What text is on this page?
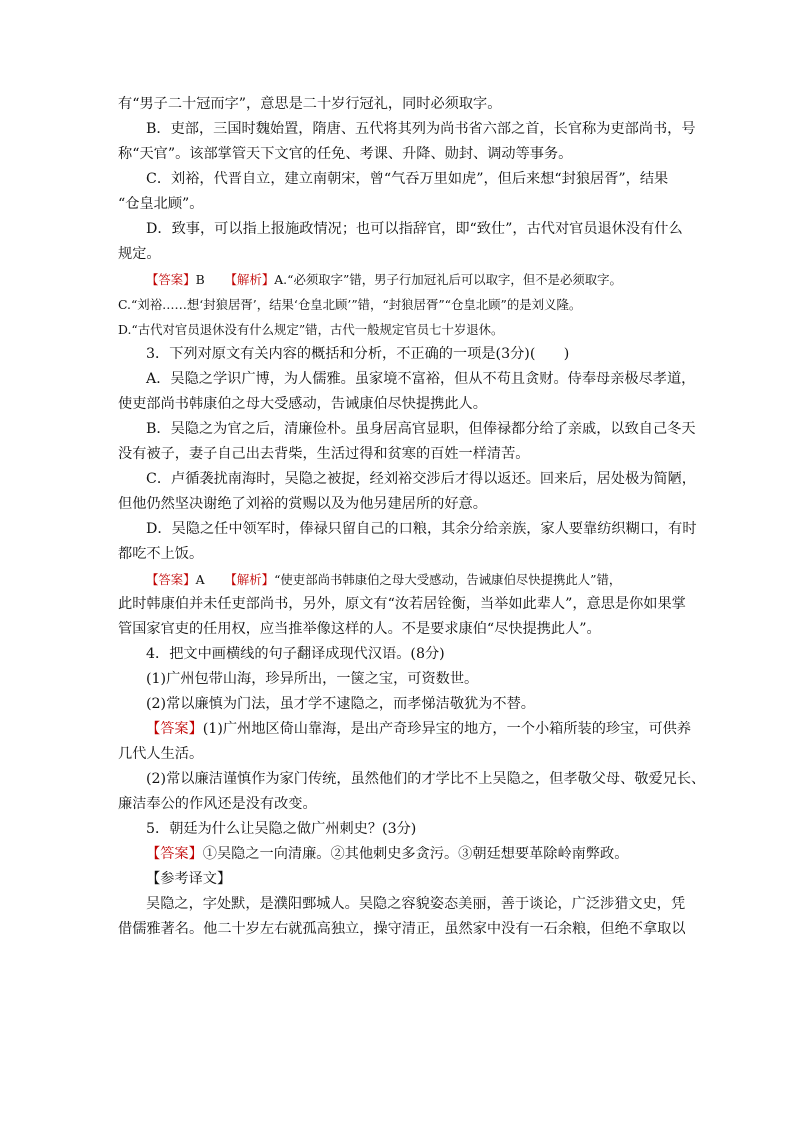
有“男子二十冠而字”，意思是二十岁行冠礼，同时必须取字。
B．吏部，三国时魏始置，隋唐、五代将其列为尚书省六部之首，长官称为吏部尚书，号
称“天官”。该部掌管天下文官的任免、考课、升降、勋封、调动等事务。
C．刘裕，代晋自立，建立南朝宋，曾“气吞万里如虎”，但后来想“封狼居胥”，结果
“仓皇北顾”。
D．致事，可以指上报施政情况；也可以指辞官，即“致仕”，古代对官员退休没有什么
规定。
【答案】B 【解析】A.“必须取字”错，男子行加冠礼后可以取字，但不是必须取字。
C.“刘裕……想‘封狼居胥’，结果‘仓皇北顾’”错，“封狼居胥”“仓皇北顾”的是刘义隆。
D.“古代对官员退休没有什么规定”错，古代一般规定官员七十岁退休。
3．下列对原文有关内容的概括和分析，不正确的一项是(3分)(　　)
A．吴隐之学识广博，为人儒雅。虽家境不富裕，但从不苟且贪财。侍奉母亲极尽孝道，
使吏部尚书韩康伯之母大受感动，告诫康伯尽快提携此人。
B．吴隐之为官之后，清廉俭朴。虽身居高官显职，但俸禄都分给了亲戚，以致自己冬天
没有被子，妻子自己出去背柴，生活过得和贫寒的百姓一样清苦。
C．卢循袭扰南海时，吴隐之被捉，经刘裕交涉后才得以返还。回来后，居处极为简陋，
但他仍然坚决谢绝了刘裕的赏赐以及为他另建居所的好意。
D．吴隐之任中领军时，俸禄只留自己的口粮，其余分给亲族，家人要靠纺织糊口，有时
都吃不上饭。
【答案】A 【解析】“使吏部尚书韩康伯之母大受感动，告诫康伯尽快提携此人”错，
此时韩康伯并未任吏部尚书，另外，原文有“汝若居铨衡，当举如此辈人”，意思是你如果掌
管国家官吏的任用权，应当推举像这样的人。不是要求康伯“尽快提携此人”。
4．把文中画横线的句子翻译成现代汉语。(8分)
(1)广州包带山海，珍异所出，一箧之宝，可资数世。
(2)常以廉慎为门法，虽才学不逮隐之，而孝悌洁敬犹为不替。
【答案】(1)广州地区倚山靠海，是出产奇珍异宝的地方，一个小箱所装的珍宝，可供养
几代人生活。
(2)常以廉洁谨慎作为家门传统，虽然他们的才学比不上吴隐之，但孝敬父母、敬爱兄长、
廉洁奉公的作风还是没有改变。
5．朝廷为什么让吴隐之做广州刺史？(3分)
【答案】①吴隐之一向清廉。②其他刺史多贪污。③朝廷想要革除岭南弊政。
【参考译文】
吴隐之，字处默，是濮阳鄄城人。吴隐之容貌姿态美丽，善于谈论，广泛涉猎文史，凭
借儒雅著名。他二十岁左右就孤高独立，操守清正，虽然家中没有一石余粮，但绝不拿取以
